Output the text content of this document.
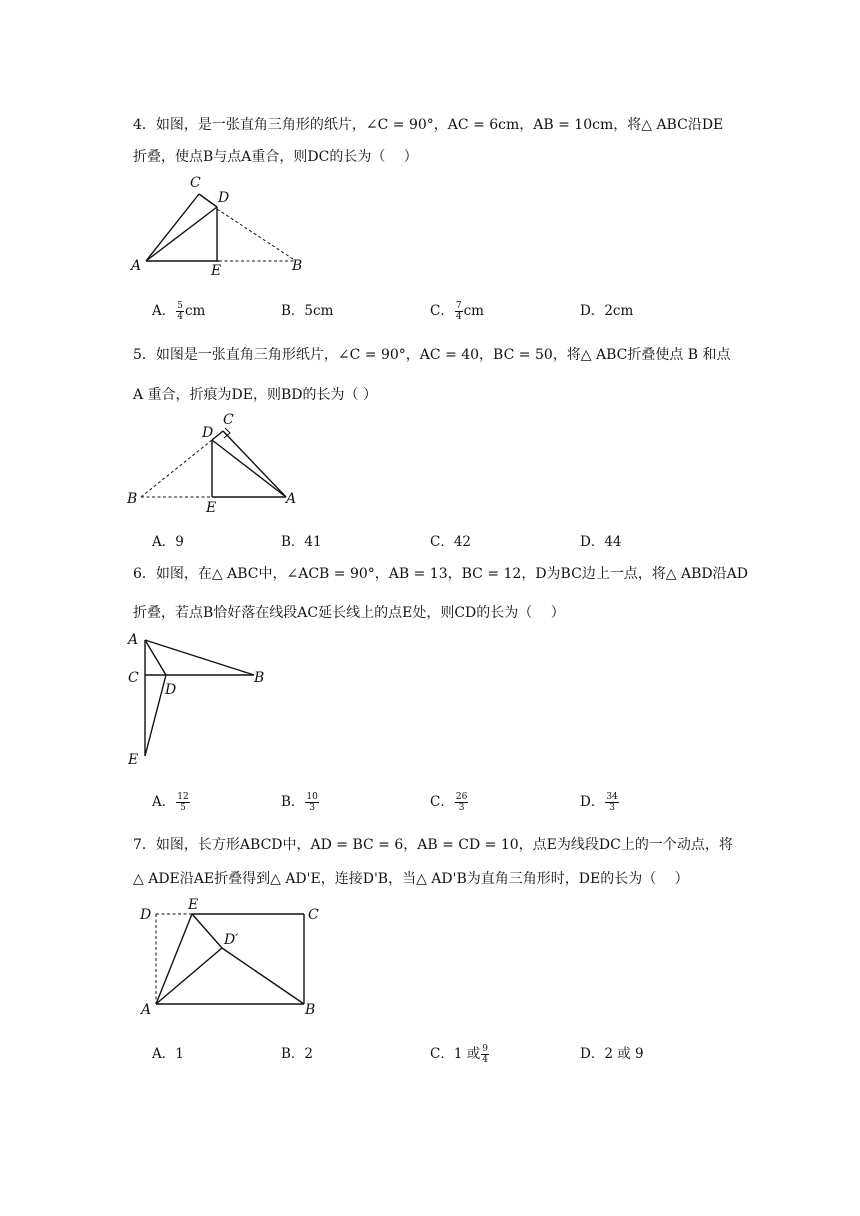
4．如图，是一张直角三角形的纸片，∠C = 90°，AC = 6cm，AB = 10cm，将△ ABC沿DE
折叠，使点B与点A重合，则DC的长为（　 ）
C
D
A	E	B
A． $\frac{5}{4}$ cm	B．5cm	C． $\frac{7}{4}$ cm	D．2cm
5．如图是一张直角三角形纸片，∠C = 90°，AC = 40，BC = 50，将△ ABC折叠使点 B 和点
A 重合，折痕为DE，则BD的长为（ ）
C
D
B
E
A
A．9	B．41	C．42	D．44
6．如图，在△ ABC中，∠ACB = 90°，AB = 13，BC = 12，D为BC边上一点，将△ ABD沿AD
折叠，若点B恰好落在线段AC延长线上的点E处，则CD的长为（　 ）
A
C
D
B
E
A． $\frac{12}{5}$	B． $\frac{10}{3}$	C． $\frac{26}{3}$	D． $\frac{34}{3}$
7．如图，长方形ABCD中，AD = BC = 6，AB = CD = 10，点E为线段DC上的一个动点，将
△ ADE沿AE折叠得到△ AD'E，连接D'B，当△ AD'B为直角三角形时，DE的长为（　 ）
D
E
C
D′
A	B
A．1	B．2	C．1 或 $\frac{9}{4}$	D．2 或 9
